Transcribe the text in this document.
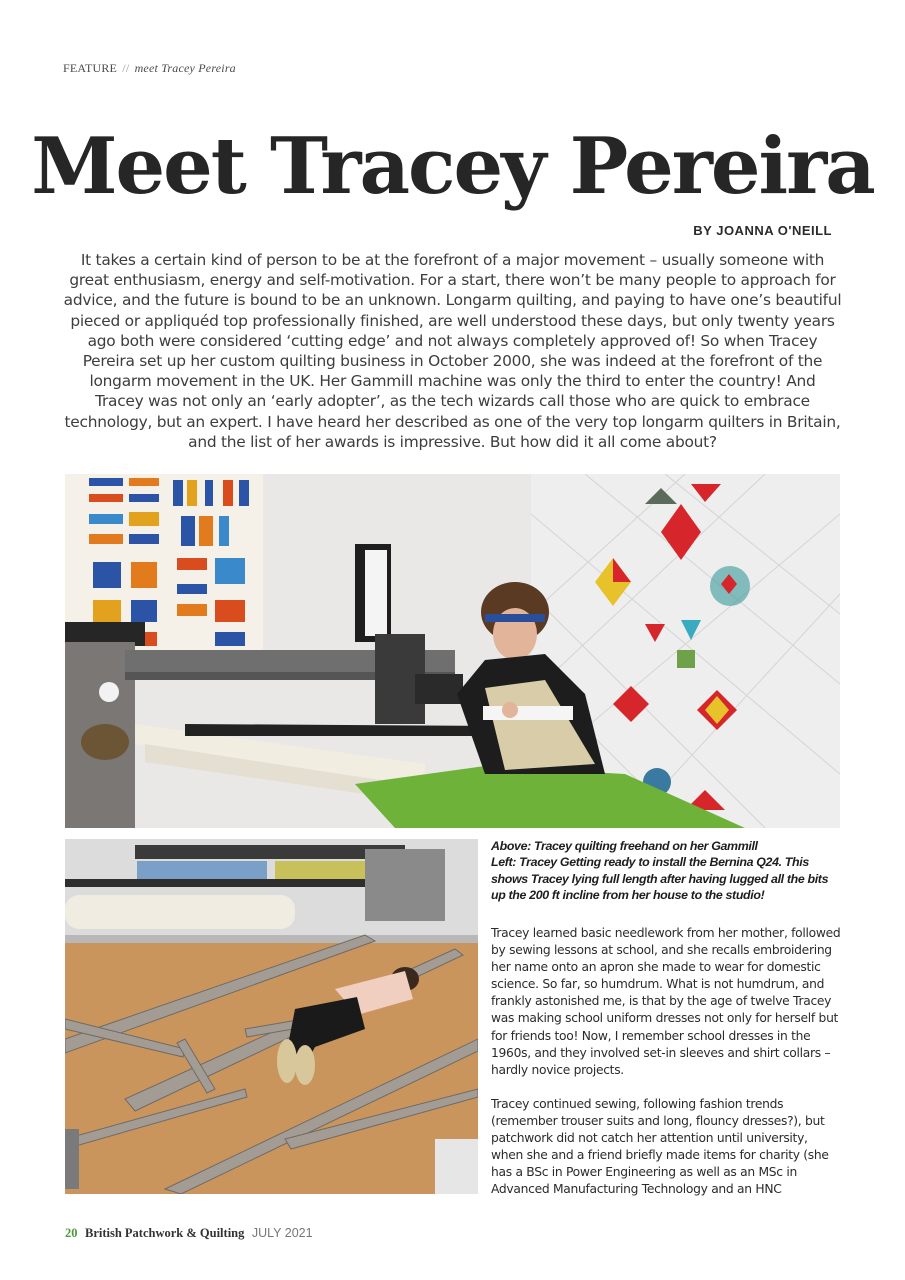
FEATURE // meet Tracey Pereira
Meet Tracey Pereira
BY JOANNA O'NEILL

It takes a certain kind of person to be at the forefront of a major movement – usually someone with great enthusiasm, energy and self-motivation. For a start, there won’t be many people to approach for advice, and the future is bound to be an unknown. Longarm quilting, and paying to have one’s beautiful pieced or appliquéd top professionally finished, are well understood these days, but only twenty years ago both were considered ‘cutting edge’ and not always completely approved of! So when Tracey Pereira set up her custom quilting business in October 2000, she was indeed at the forefront of the longarm movement in the UK. Her Gammill machine was only the third to enter the country! And Tracey was not only an ‘early adopter’, as the tech wizards call those who are quick to embrace technology, but an expert. I have heard her described as one of the very top longarm quilters in Britain, and the list of her awards is impressive. But how did it all come about?

Above: Tracey quilting freehand on her Gammill
Left: Tracey Getting ready to install the Bernina Q24. This shows Tracey lying full length after having lugged all the bits up the 200 ft incline from her house to the studio!

Tracey learned basic needlework from her mother, followed by sewing lessons at school, and she recalls embroidering her name onto an apron she made to wear for domestic science. So far, so humdrum. What is not humdrum, and frankly astonished me, is that by the age of twelve Tracey was making school uniform dresses not only for herself but for friends too! Now, I remember school dresses in the 1960s, and they involved set-in sleeves and shirt collars – hardly novice projects.

Tracey continued sewing, following fashion trends (remember trouser suits and long, flouncy dresses?), but patchwork did not catch her attention until university, when she and a friend briefly made items for charity (she has a BSc in Power Engineering as well as an MSc in Advanced Manufacturing Technology and an HNC

20 British Patchwork & Quilting JULY 2021
